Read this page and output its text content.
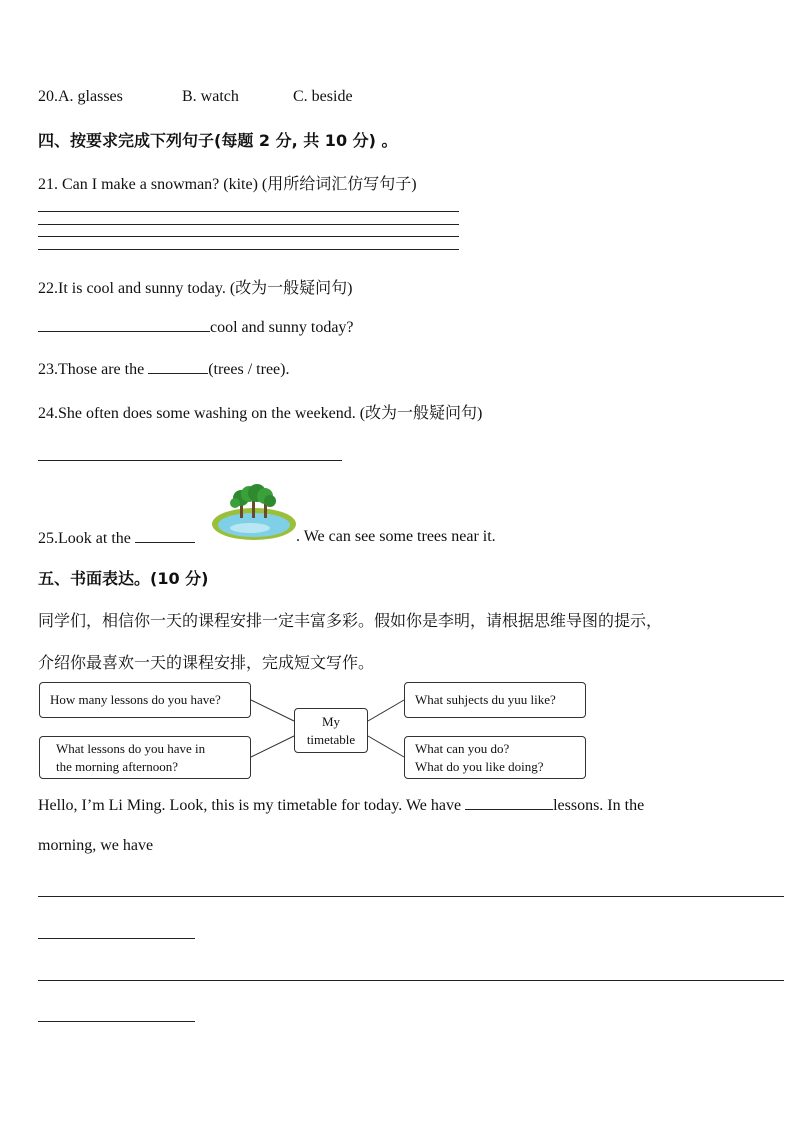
20.A. glasses	B. watch	C. beside
四、按要求完成下列句子(每题 2 分, 共 10 分) 。
21. Can I make a snowman? (kite) (用所给词汇仿写句子)
22.It is cool and sunny today. (改为一般疑问句)
cool and sunny today?
23.Those are the	(trees / tree).
24.She often does some washing on the weekend. (改为一般疑问句)
25.Look at the	. We can see some trees near it.
五、书面表达。(10 分)
同学们，相信你一天的课程安排一定丰富多彩。假如你是李明，请根据思维导图的提示，
介绍你最喜欢一天的课程安排，完成短文写作。
How many lessons do you have?
What lessons do you have in
the morning afternoon?
My
timetable
What suhjects du yuu like?
What can you do?
What do you like doing?
Hello, I’m Li Ming. Look, this is my timetable for today. We have	lessons. In the
morning, we have
